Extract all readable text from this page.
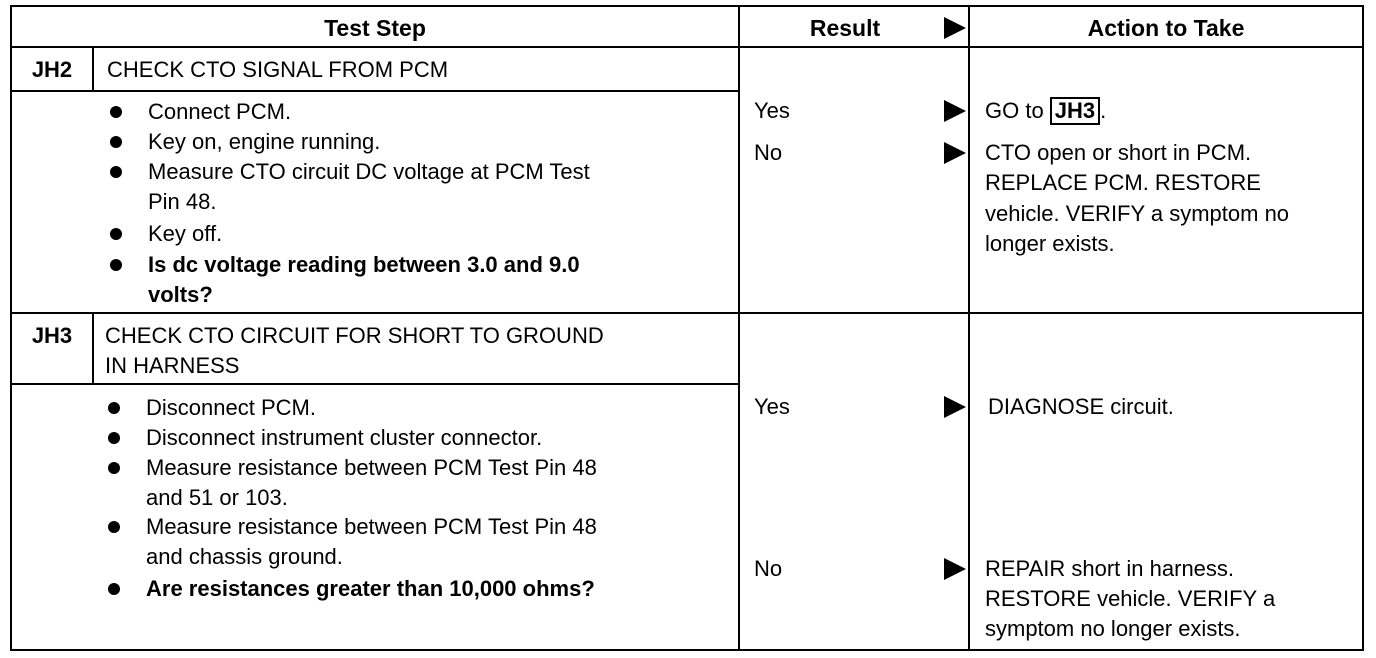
Test Step	Result	Action to Take
JH2	CHECK CTO SIGNAL FROM PCM
Connect PCM.
Key on, engine running.
Measure CTO circuit DC voltage at PCM Test
Pin 48.
Key off.
Is dc voltage reading between 3.0 and 9.0
volts?
Yes	GO to JH3 .
No	CTO open or short in PCM.
REPLACE PCM. RESTORE
vehicle. VERIFY a symptom no
longer exists.
JH3	CHECK CTO CIRCUIT FOR SHORT TO GROUND
IN HARNESS
Disconnect PCM.
Disconnect instrument cluster connector.
Measure resistance between PCM Test Pin 48
and 51 or 103.
Measure resistance between PCM Test Pin 48
and chassis ground.
Are resistances greater than 10,000 ohms?
Yes	DIAGNOSE circuit.
No	REPAIR short in harness.
RESTORE vehicle. VERIFY a
symptom no longer exists.
